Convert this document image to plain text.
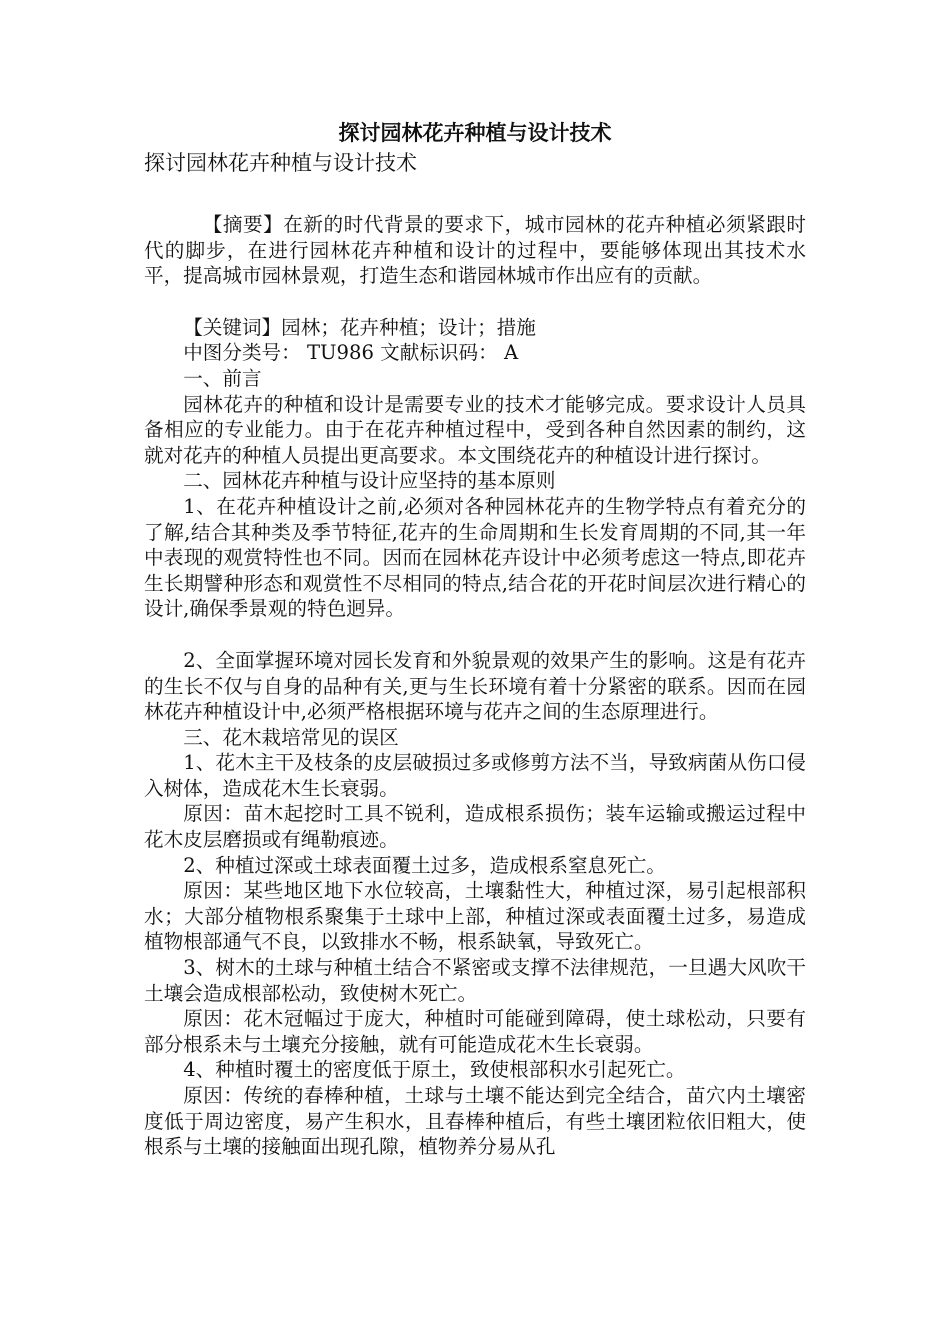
探讨园林花卉种植与设计技术
探讨园林花卉种植与设计技术

【摘要】在新的时代背景的要求下，城市园林的花卉种植必须紧跟时代的脚步，在进行园林花卉种植和设计的过程中，要能够体现出其技术水平，提高城市园林景观，打造生态和谐园林城市作出应有的贡献。

【关键词】园林；花卉种植；设计；措施

中图分类号： TU986 文献标识码： A

一、前言

园林花卉的种植和设计是需要专业的技术才能够完成。要求设计人员具备相应的专业能力。由于在花卉种植过程中，受到各种自然因素的制约，这就对花卉的种植人员提出更高要求。本文围绕花卉的种植设计进行探讨。

二、园林花卉种植与设计应坚持的基本原则

1、在花卉种植设计之前,必须对各种园林花卉的生物学特点有着充分的了解,结合其种类及季节特征,花卉的生命周期和生长发育周期的不同,其一年中表现的观赏特性也不同。因而在园林花卉设计中必须考虑这一特点,即花卉生长期譬种形态和观赏性不尽相同的特点,结合花的开花时间层次进行精心的设计,确保季景观的特色迥异。

2、全面掌握环境对园长发育和外貌景观的效果产生的影响。这是有花卉的生长不仅与自身的品种有关,更与生长环境有着十分紧密的联系。因而在园林花卉种植设计中,必须严格根据环境与花卉之间的生态原理进行。

三、花木栽培常见的误区

1、花木主干及枝条的皮层破损过多或修剪方法不当，导致病菌从伤口侵入树体，造成花木生长衰弱。

原因：苗木起挖时工具不锐利，造成根系损伤；装车运输或搬运过程中花木皮层磨损或有绳勒痕迹。

2、种植过深或土球表面覆土过多，造成根系窒息死亡。

原因：某些地区地下水位较高，土壤黏性大，种植过深，易引起根部积水；大部分植物根系聚集于土球中上部，种植过深或表面覆土过多，易造成植物根部通气不良，以致排水不畅，根系缺氧，导致死亡。

3、树木的土球与种植土结合不紧密或支撑不法律规范，一旦遇大风吹干土壤会造成根部松动，致使树木死亡。

原因：花木冠幅过于庞大，种植时可能碰到障碍，使土球松动，只要有部分根系未与土壤充分接触，就有可能造成花木生长衰弱。

4、种植时覆土的密度低于原土，致使根部积水引起死亡。

原因：传统的春棒种植，土球与土壤不能达到完全结合，苗穴内土壤密度低于周边密度，易产生积水，且春棒种植后，有些土壤团粒依旧粗大，使根系与土壤的接触面出现孔隙，植物养分易从孔
